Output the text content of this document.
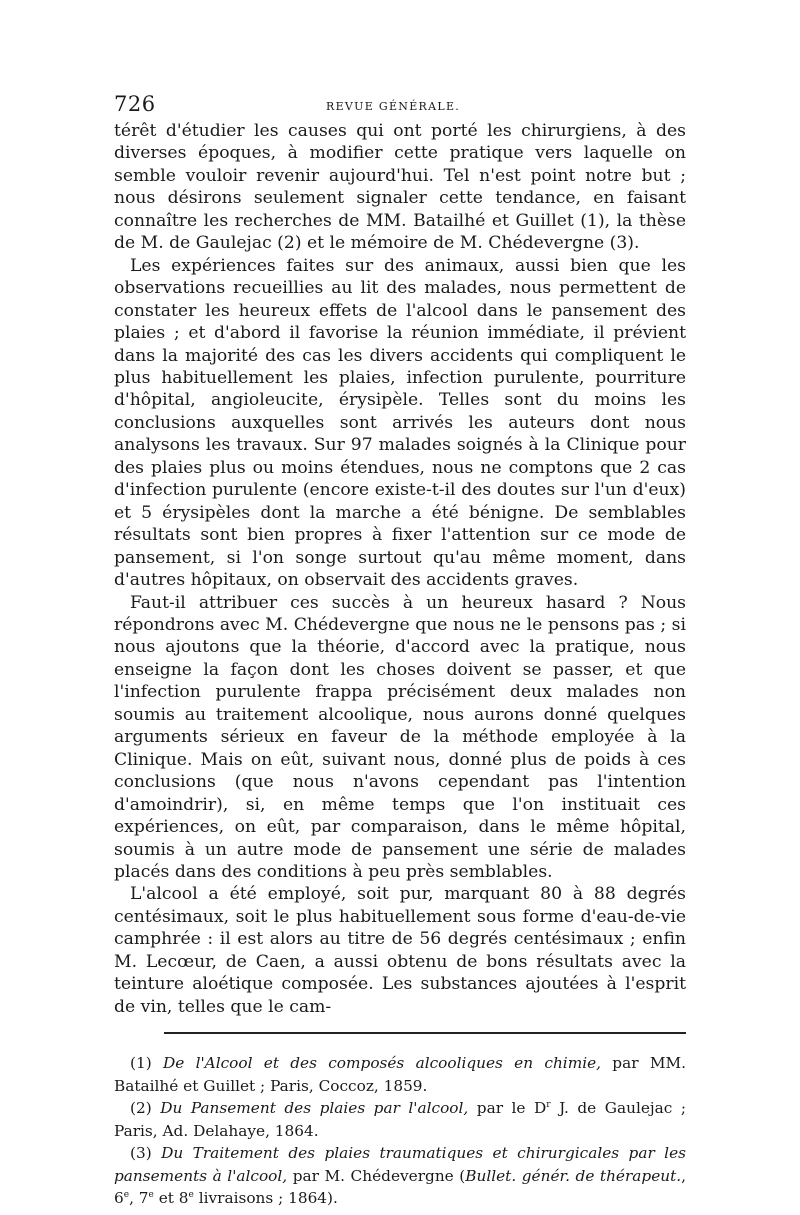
726	REVUE GÉNÉRALE.

térêt d'étudier les causes qui ont porté les chirurgiens, à des diverses époques, à modifier cette pratique vers laquelle on semble vouloir revenir aujourd'hui. Tel n'est point notre but ; nous désirons seulement signaler cette tendance, en faisant connaître les recherches de MM. Batailhé et Guillet (1), la thèse de M. de Gaulejac (2) et le mémoire de M. Chédevergne (3).

Les expériences faites sur des animaux, aussi bien que les observations recueillies au lit des malades, nous permettent de constater les heureux effets de l'alcool dans le pansement des plaies ; et d'abord il favorise la réunion immédiate, il prévient dans la majorité des cas les divers accidents qui compliquent le plus habituellement les plaies, infection purulente, pourriture d'hôpital, angioleucite, érysipèle. Telles sont du moins les conclusions auxquelles sont arrivés les auteurs dont nous analysons les travaux. Sur 97 malades soignés à la Clinique pour des plaies plus ou moins étendues, nous ne comptons que 2 cas d'infection purulente (encore existe-t-il des doutes sur l'un d'eux) et 5 érysipèles dont la marche a été bénigne. De semblables résultats sont bien propres à fixer l'attention sur ce mode de pansement, si l'on songe surtout qu'au même moment, dans d'autres hôpitaux, on observait des accidents graves.

Faut-il attribuer ces succès à un heureux hasard ? Nous répondrons avec M. Chédevergne que nous ne le pensons pas ; si nous ajoutons que la théorie, d'accord avec la pratique, nous enseigne la façon dont les choses doivent se passer, et que l'infection purulente frappa précisément deux malades non soumis au traitement alcoolique, nous aurons donné quelques arguments sérieux en faveur de la méthode employée à la Clinique. Mais on eût, suivant nous, donné plus de poids à ces conclusions (que nous n'avons cependant pas l'intention d'amoindrir), si, en même temps que l'on instituait ces expériences, on eût, par comparaison, dans le même hôpital, soumis à un autre mode de pansement une série de malades placés dans des conditions à peu près semblables.

L'alcool a été employé, soit pur, marquant 80 à 88 degrés centésimaux, soit le plus habituellement sous forme d'eau-de-vie camphrée : il est alors au titre de 56 degrés centésimaux ; enfin M. Lecœur, de Caen, a aussi obtenu de bons résultats avec la teinture aloétique composée. Les substances ajoutées à l'esprit de vin, telles que le cam-

(1) De l'Alcool et des composés alcooliques en chimie, par MM. Batailhé et Guillet ; Paris, Coccoz, 1859.

(2) Du Pansement des plaies par l'alcool, par le $D^r$ J. de Gaulejac ; Paris, Ad. Delahaye, 1864.

(3) Du Traitement des plaies traumatiques et chirurgicales par les pansements à l'alcool, par M. Chédevergne (Bullet. génér. de thérapeut., 6e, 7e et 8e livraisons ; 1864).
